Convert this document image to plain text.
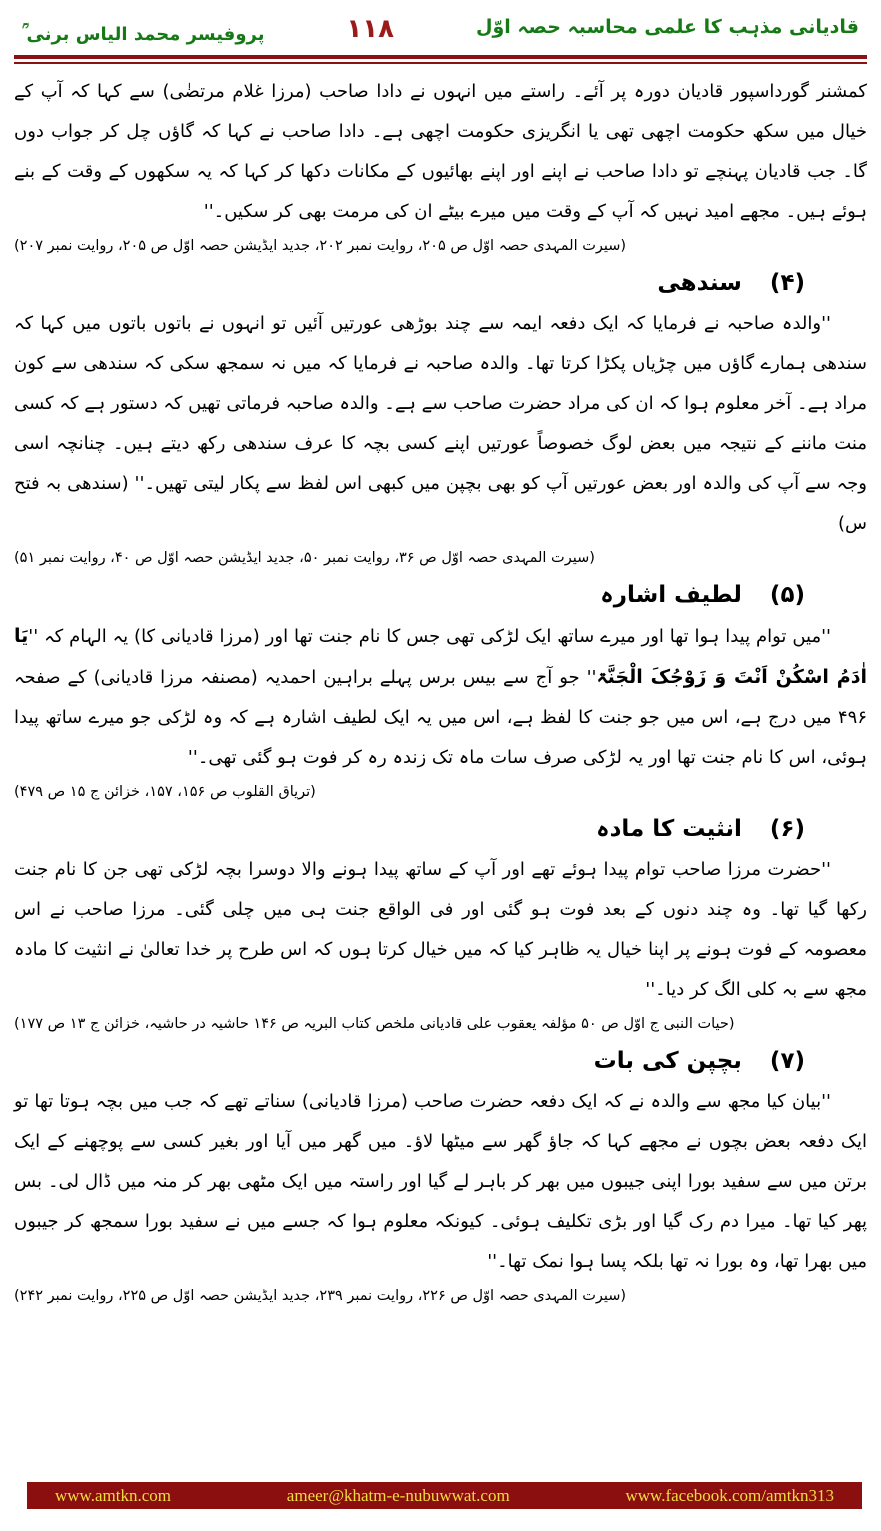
پروفیسر محمد الیاس برنی ؒ	۱۱۸	قادیانی مذہب کا علمی محاسبہ حصہ اوّل
کمشنر گورداسپور قادیان دورہ پر آئے۔ راستے میں انہوں نے دادا صاحب (مرزا غلام مرتضٰی) سے کہا کہ آپ کے خیال میں سکھ حکومت اچھی تھی یا انگریزی حکومت اچھی ہے۔ دادا صاحب نے کہا کہ گاؤں چل کر جواب دوں گا۔ جب قادیان پہنچے تو دادا صاحب نے اپنے اور اپنے بھائیوں کے مکانات دکھا کر کہا کہ یہ سکھوں کے وقت کے بنے ہوئے ہیں۔ مجھے امید نہیں کہ آپ کے وقت میں میرے بیٹے ان کی مرمت بھی کر سکیں۔''
(سیرت المہدی حصہ اوّل ص ۲۰۵، روایت نمبر ۲۰۲، جدید ایڈیشن حصہ اوّل ص ۲۰۵، روایت نمبر ۲۰۷)
(۴)سندھی
''والدہ صاحبہ نے فرمایا کہ ایک دفعہ ایمہ سے چند بوڑھی عورتیں آئیں تو انہوں نے باتوں باتوں میں کہا کہ سندھی ہمارے گاؤں میں چڑیاں پکڑا کرتا تھا۔ والدہ صاحبہ نے فرمایا کہ میں نہ سمجھ سکی کہ سندھی سے کون مراد ہے۔ آخر معلوم ہوا کہ ان کی مراد حضرت صاحب سے ہے۔ والدہ صاحبہ فرماتی تھیں کہ دستور ہے کہ کسی منت ماننے کے نتیجہ میں بعض لوگ خصوصاً عورتیں اپنے کسی بچہ کا عرف سندھی رکھ دیتے ہیں۔ چنانچہ اسی وجہ سے آپ کی والدہ اور بعض عورتیں آپ کو بھی بچپن میں کبھی اس لفظ سے پکار لیتی تھیں۔'' (سندھی بہ فتح س)
(سیرت المہدی حصہ اوّل ص ۳۶، روایت نمبر ۵۰، جدید ایڈیشن حصہ اوّل ص ۴۰، روایت نمبر ۵۱)
(۵)لطیف اشارہ
''میں توام پیدا ہوا تھا اور میرے ساتھ ایک لڑکی تھی جس کا نام جنت تھا اور (مرزا قادیانی کا) یہ الہام کہ ''یَا اٰدَمُ اسْکُنْ اَنْتَ وَ زَوْجُکَ الْجَنَّۃ'' جو آج سے بیس برس پہلے براہین احمدیہ (مصنفہ مرزا قادیانی) کے صفحہ ۴۹۶ میں درج ہے، اس میں جو جنت کا لفظ ہے، اس میں یہ ایک لطیف اشارہ ہے کہ وہ لڑکی جو میرے ساتھ پیدا ہوئی، اس کا نام جنت تھا اور یہ لڑکی صرف سات ماہ تک زندہ رہ کر فوت ہو گئی تھی۔''
(تریاق القلوب ص ۱۵۶، ۱۵۷، خزائن ج ۱۵ ص ۴۷۹)
(۶)انثیت کا مادہ
''حضرت مرزا صاحب توام پیدا ہوئے تھے اور آپ کے ساتھ پیدا ہونے والا دوسرا بچہ لڑکی تھی جن کا نام جنت رکھا گیا تھا۔ وہ چند دنوں کے بعد فوت ہو گئی اور فی الواقع جنت ہی میں چلی گئی۔ مرزا صاحب نے اس معصومہ کے فوت ہونے پر اپنا خیال یہ ظاہر کیا کہ میں خیال کرتا ہوں کہ اس طرح پر خدا تعالیٰ نے انثیت کا مادہ مجھ سے بہ کلی الگ کر دیا۔''
(حیات النبی ج اوّل ص ۵۰ مؤلفہ یعقوب علی قادیانی ملخص کتاب البریہ ص ۱۴۶ حاشیہ در حاشیہ، خزائن ج ۱۳ ص ۱۷۷)
(۷)بچپن کی بات
''بیان کیا مجھ سے والدہ نے کہ ایک دفعہ حضرت صاحب (مرزا قادیانی) سناتے تھے کہ جب میں بچہ ہوتا تھا تو ایک دفعہ بعض بچوں نے مجھے کہا کہ جاؤ گھر سے میٹھا لاؤ۔ میں گھر میں آیا اور بغیر کسی سے پوچھنے کے ایک برتن میں سے سفید بورا اپنی جیبوں میں بھر کر باہر لے گیا اور راستہ میں ایک مٹھی بھر کر منہ میں ڈال لی۔ بس پھر کیا تھا۔ میرا دم رک گیا اور بڑی تکلیف ہوئی۔ کیونکہ معلوم ہوا کہ جسے میں نے سفید بورا سمجھ کر جیبوں میں بھرا تھا، وہ بورا نہ تھا بلکہ پسا ہوا نمک تھا۔''
(سیرت المہدی حصہ اوّل ص ۲۲۶، روایت نمبر ۲۳۹، جدید ایڈیشن حصہ اوّل ص ۲۲۵، روایت نمبر ۲۴۲)
www.amtkn.com	ameer@khatm-e-nubuwwat.com	www.facebook.com/amtkn313
